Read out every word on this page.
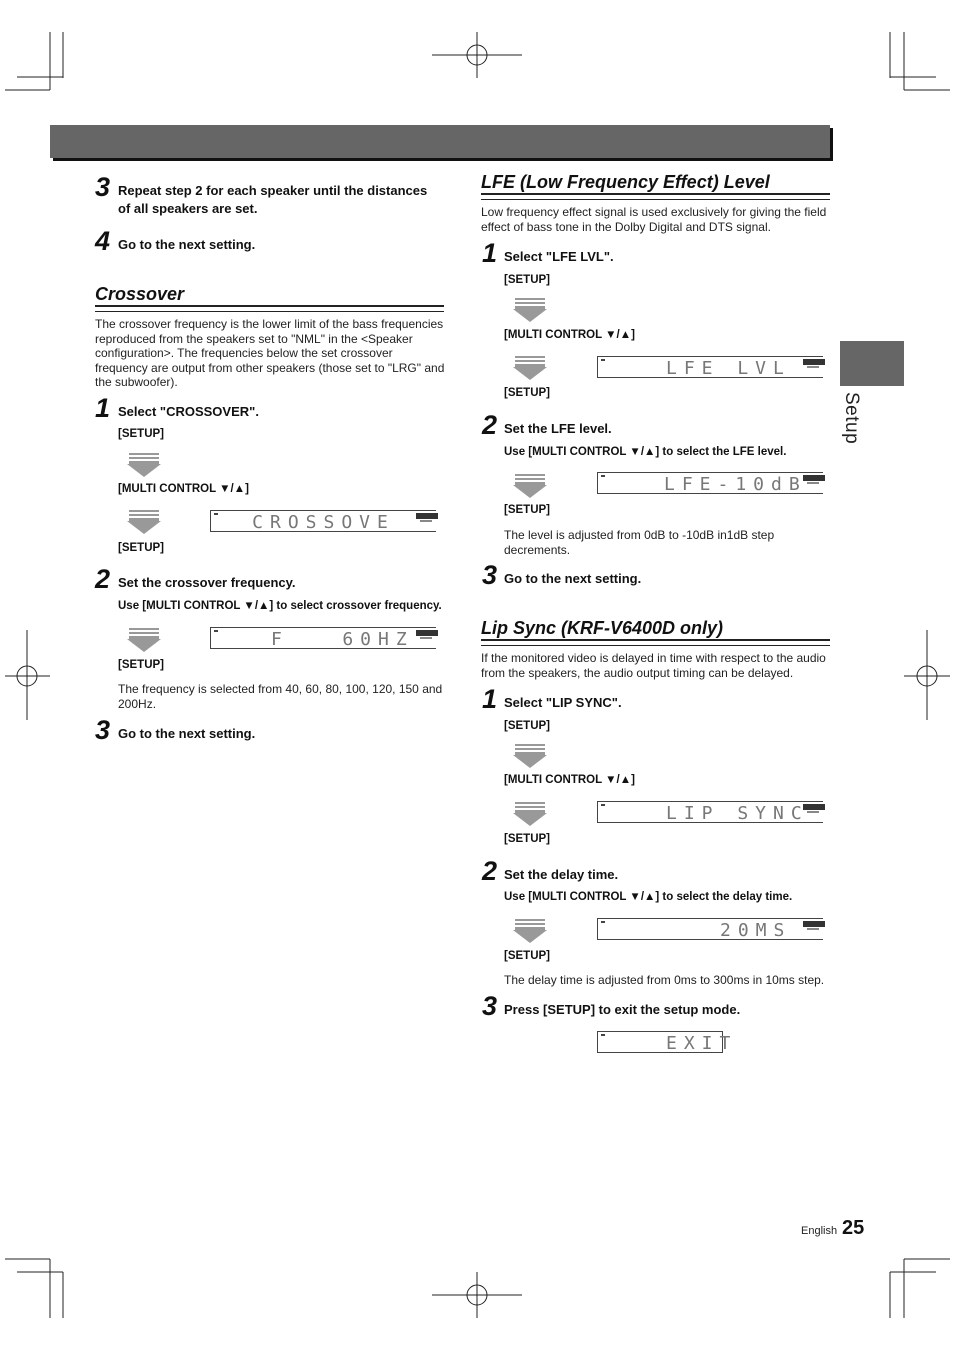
Setup
3 Repeat step 2 for each speaker until the distances of all speakers are set.
4 Go to the next setting.
Crossover
The crossover frequency is the lower limit of the bass frequencies reproduced from the speakers set to "NML" in the <Speaker configuration>. The frequencies below the set crossover frequency are output from other speakers (those set to "LRG" and the subwoofer).
1 Select "CROSSOVER".
[SETUP]
[MULTI CONTROL ▼/▲]
CROSSOVE
[SETUP]
2 Set the crossover frequency.
Use [MULTI CONTROL ▼/▲] to select crossover frequency.
F   60HZ
[SETUP]
The frequency is selected from 40, 60, 80, 100, 120, 150 and 200Hz.
3 Go to the next setting.
LFE (Low Frequency Effect) Level
Low frequency effect signal is used exclusively for giving the field effect of bass tone in the Dolby Digital and DTS signal.
1 Select "LFE LVL".
[SETUP]
[MULTI CONTROL ▼/▲]
LFE LVL
[SETUP]
2 Set the LFE level.
Use [MULTI CONTROL ▼/▲] to select the LFE level.
LFE-10dB
[SETUP]
The level is adjusted from 0dB to -10dB in1dB step decrements.
3 Go to the next setting.
Lip Sync (KRF-V6400D only)
If the monitored video is delayed in time with respect to the audio from the speakers, the audio output timing can be delayed.
1 Select "LIP SYNC".
[SETUP]
[MULTI CONTROL ▼/▲]
LIP SYNC
[SETUP]
2 Set the delay time.
Use [MULTI CONTROL ▼/▲] to select the delay time.
20MS
[SETUP]
The delay time is adjusted from 0ms to 300ms in 10ms step.
3 Press [SETUP] to exit the setup mode.
EXIT
English 25
